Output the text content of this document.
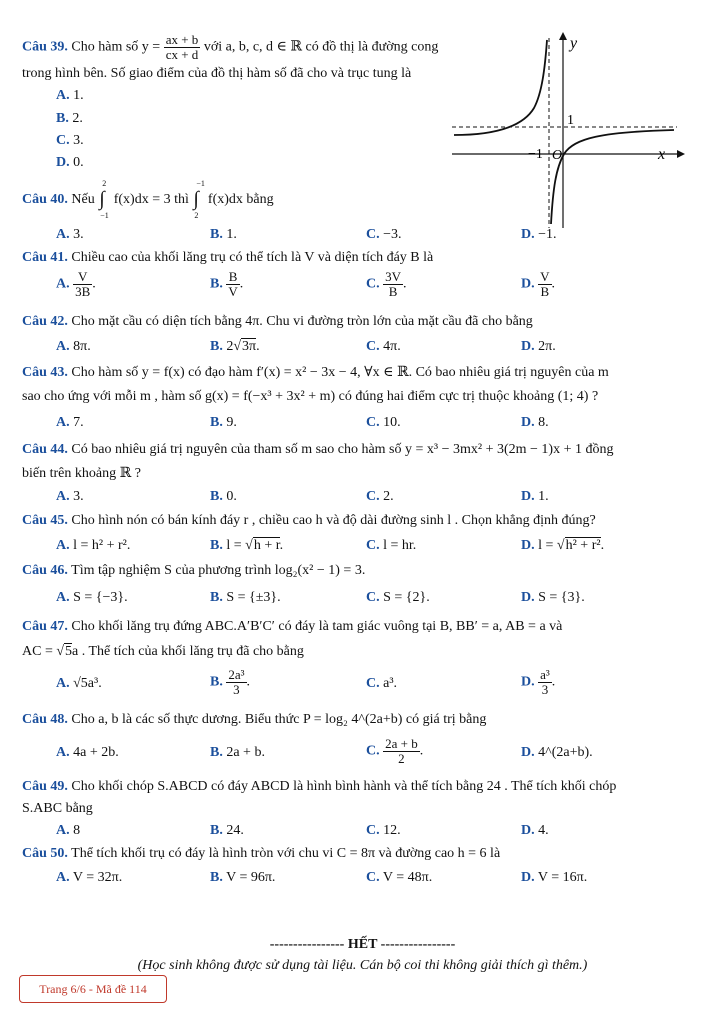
y
x
1
−1 O
Câu 39. Cho hàm số $y = \frac{ax + b}{cx + d}$ với a, b, c, d ∈ ℝ có đồ thị là đường cong
trong hình bên. Số giao điểm của đồ thị hàm số đã cho và trục tung là
A. 1.
B. 2.
C. 3.
D. 0.
Câu 40. Nếu
2
∫
−1
f(x)dx = 3 thì
−1
∫
2
f(x)dx bằng
A. 3.	B. 1.	C. −3.	D. −1.
Câu 41. Chiều cao của khối lăng trụ có thể tích là V và diện tích đáy B là
A. $\frac{V}{3B}$ .	B. $\frac{B}{V}$ .	C. $\frac{3V}{B}$ .	D. $\frac{V}{B}$ .
Câu 42. Cho mặt cầu có diện tích bằng 4π. Chu vi đường tròn lớn của mặt cầu đã cho bằng
A. 8π.	B. 2√3π.	C. 4π.	D. 2π.
Câu 43. Cho hàm số y = f(x) có đạo hàm f′(x) = x² − 3x − 4, ∀x ∈ ℝ. Có bao nhiêu giá trị nguyên của m
sao cho ứng với mỗi m , hàm số g(x) = f(−x³ + 3x² + m) có đúng hai điểm cực trị thuộc khoảng (1; 4) ?
A. 7.	B. 9.	C. 10.	D. 8.
Câu 44. Có bao nhiêu giá trị nguyên của tham số m sao cho hàm số y = x³ − 3mx² + 3(2m − 1)x + 1 đồng
biến trên khoảng ℝ ?
A. 3.	B. 0.	C. 2.	D. 1.
Câu 45. Cho hình nón có bán kính đáy r , chiều cao h và độ dài đường sinh l . Chọn khẳng định đúng?
A. l = h² + r².	B. l = √h + r.	C. l = hr.	D. l = √h² + r².
Câu 46. Tìm tập nghiệm S của phương trình log₂(x² − 1) = 3.
A. S = {−3}.	B. S = {±3}.	C. S = {2}.	D. S = {3}.
Câu 47. Cho khối lăng trụ đứng ABC.A′B′C′ có đáy là tam giác vuông tại B, BB′ = a, AB = a và
AC = √5a . Thể tích của khối lăng trụ đã cho bằng
A. √5a³.	B. $\frac{\text{2a³}}{3}$ .	C. a³.	D. $\frac{\text{a³}}{3}$ .
Câu 48. Cho a, b là các số thực dương. Biểu thức P = log₂ 4^(2a+b) có giá trị bằng
A. 4a + 2b.	B. 2a + b.	C. $\frac{2a + b}{2}$ .	D. 4^(2a+b).
Câu 49. Cho khối chóp S.ABCD có đáy ABCD là hình bình hành và thể tích bằng 24 . Thể tích khối chóp
S.ABC bằng
A. 8	B. 24.	C. 12.	D. 4.
Câu 50. Thể tích khối trụ có đáy là hình tròn với chu vi C = 8π và đường cao h = 6 là
A. V = 32π.	B. V = 96π.	C. V = 48π.	D. V = 16π.
---------------- HẾT ----------------
(Học sinh không được sử dụng tài liệu. Cán bộ coi thi không giải thích gì thêm.)
Trang 6/6 - Mã đề 114
